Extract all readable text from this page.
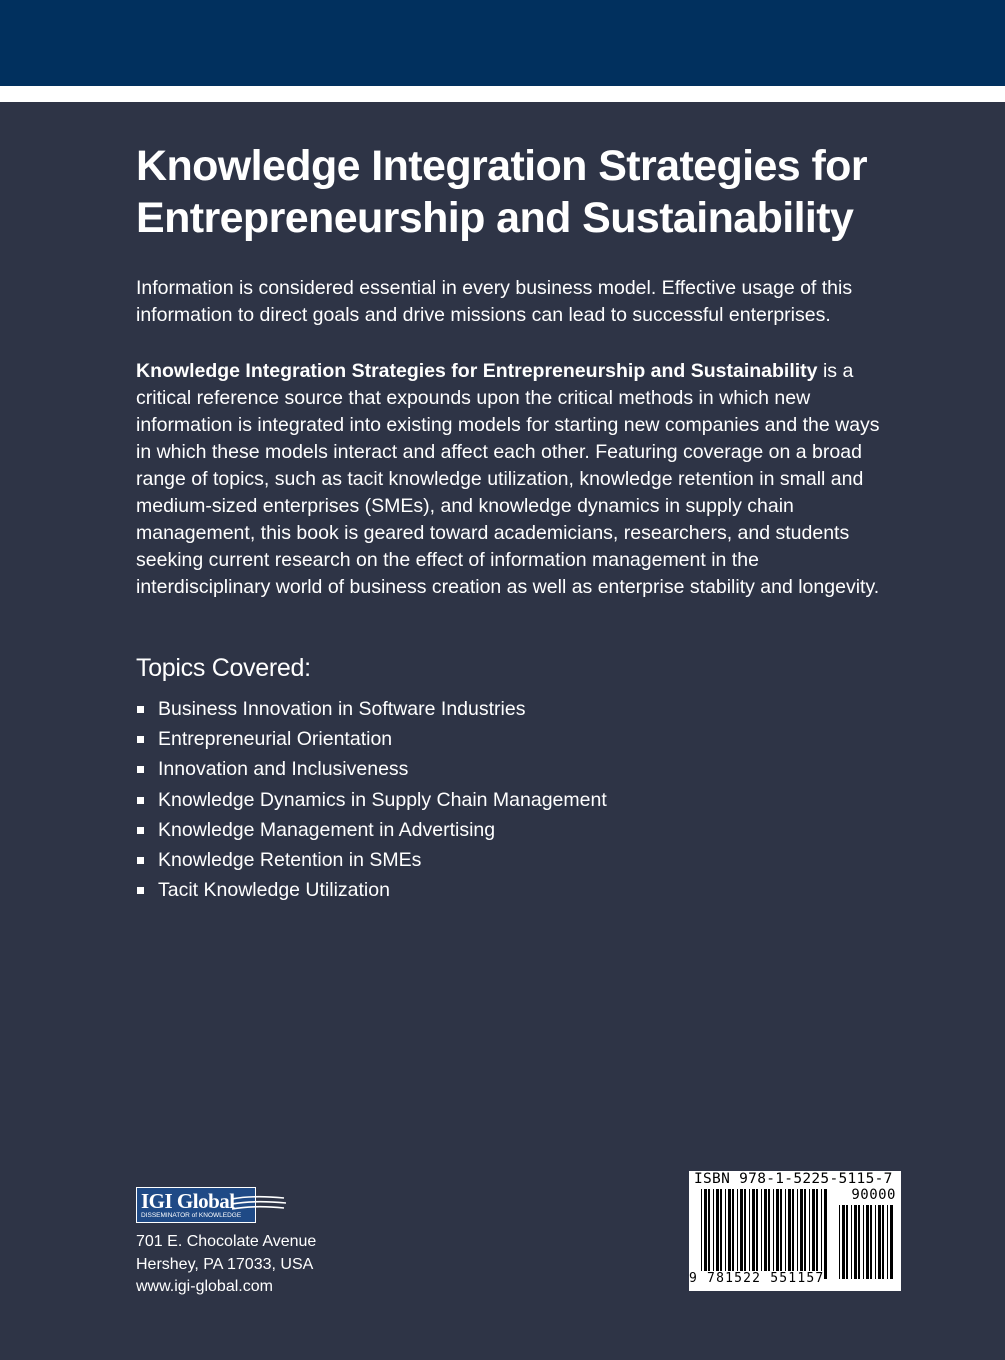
Knowledge Integration Strategies for
Entrepreneurship and Sustainability

Information is considered essential in every business model. Effective usage of this information to direct goals and drive missions can lead to successful enterprises.

Knowledge Integration Strategies for Entrepreneurship and Sustainability is a critical reference source that expounds upon the critical methods in which new information is integrated into existing models for starting new companies and the ways in which these models interact and affect each other. Featuring coverage on a broad range of topics, such as tacit knowledge utilization, knowledge retention in small and medium-sized enterprises (SMEs), and knowledge dynamics in supply chain management, this book is geared toward academicians, researchers, and students seeking current research on the effect of information management in the interdisciplinary world of business creation as well as enterprise stability and longevity.

Topics Covered:
Business Innovation in Software Industries
Entrepreneurial Orientation
Innovation and Inclusiveness
Knowledge Dynamics in Supply Chain Management
Knowledge Management in Advertising
Knowledge Retention in SMEs
Tacit Knowledge Utilization
IGI Global
DISSEMINATOR of KNOWLEDGE
701 E. Chocolate Avenue
Hershey, PA 17033, USA
www.igi-global.com
ISBN 978-1-5225-5115-7
90000
9 781522 551157
